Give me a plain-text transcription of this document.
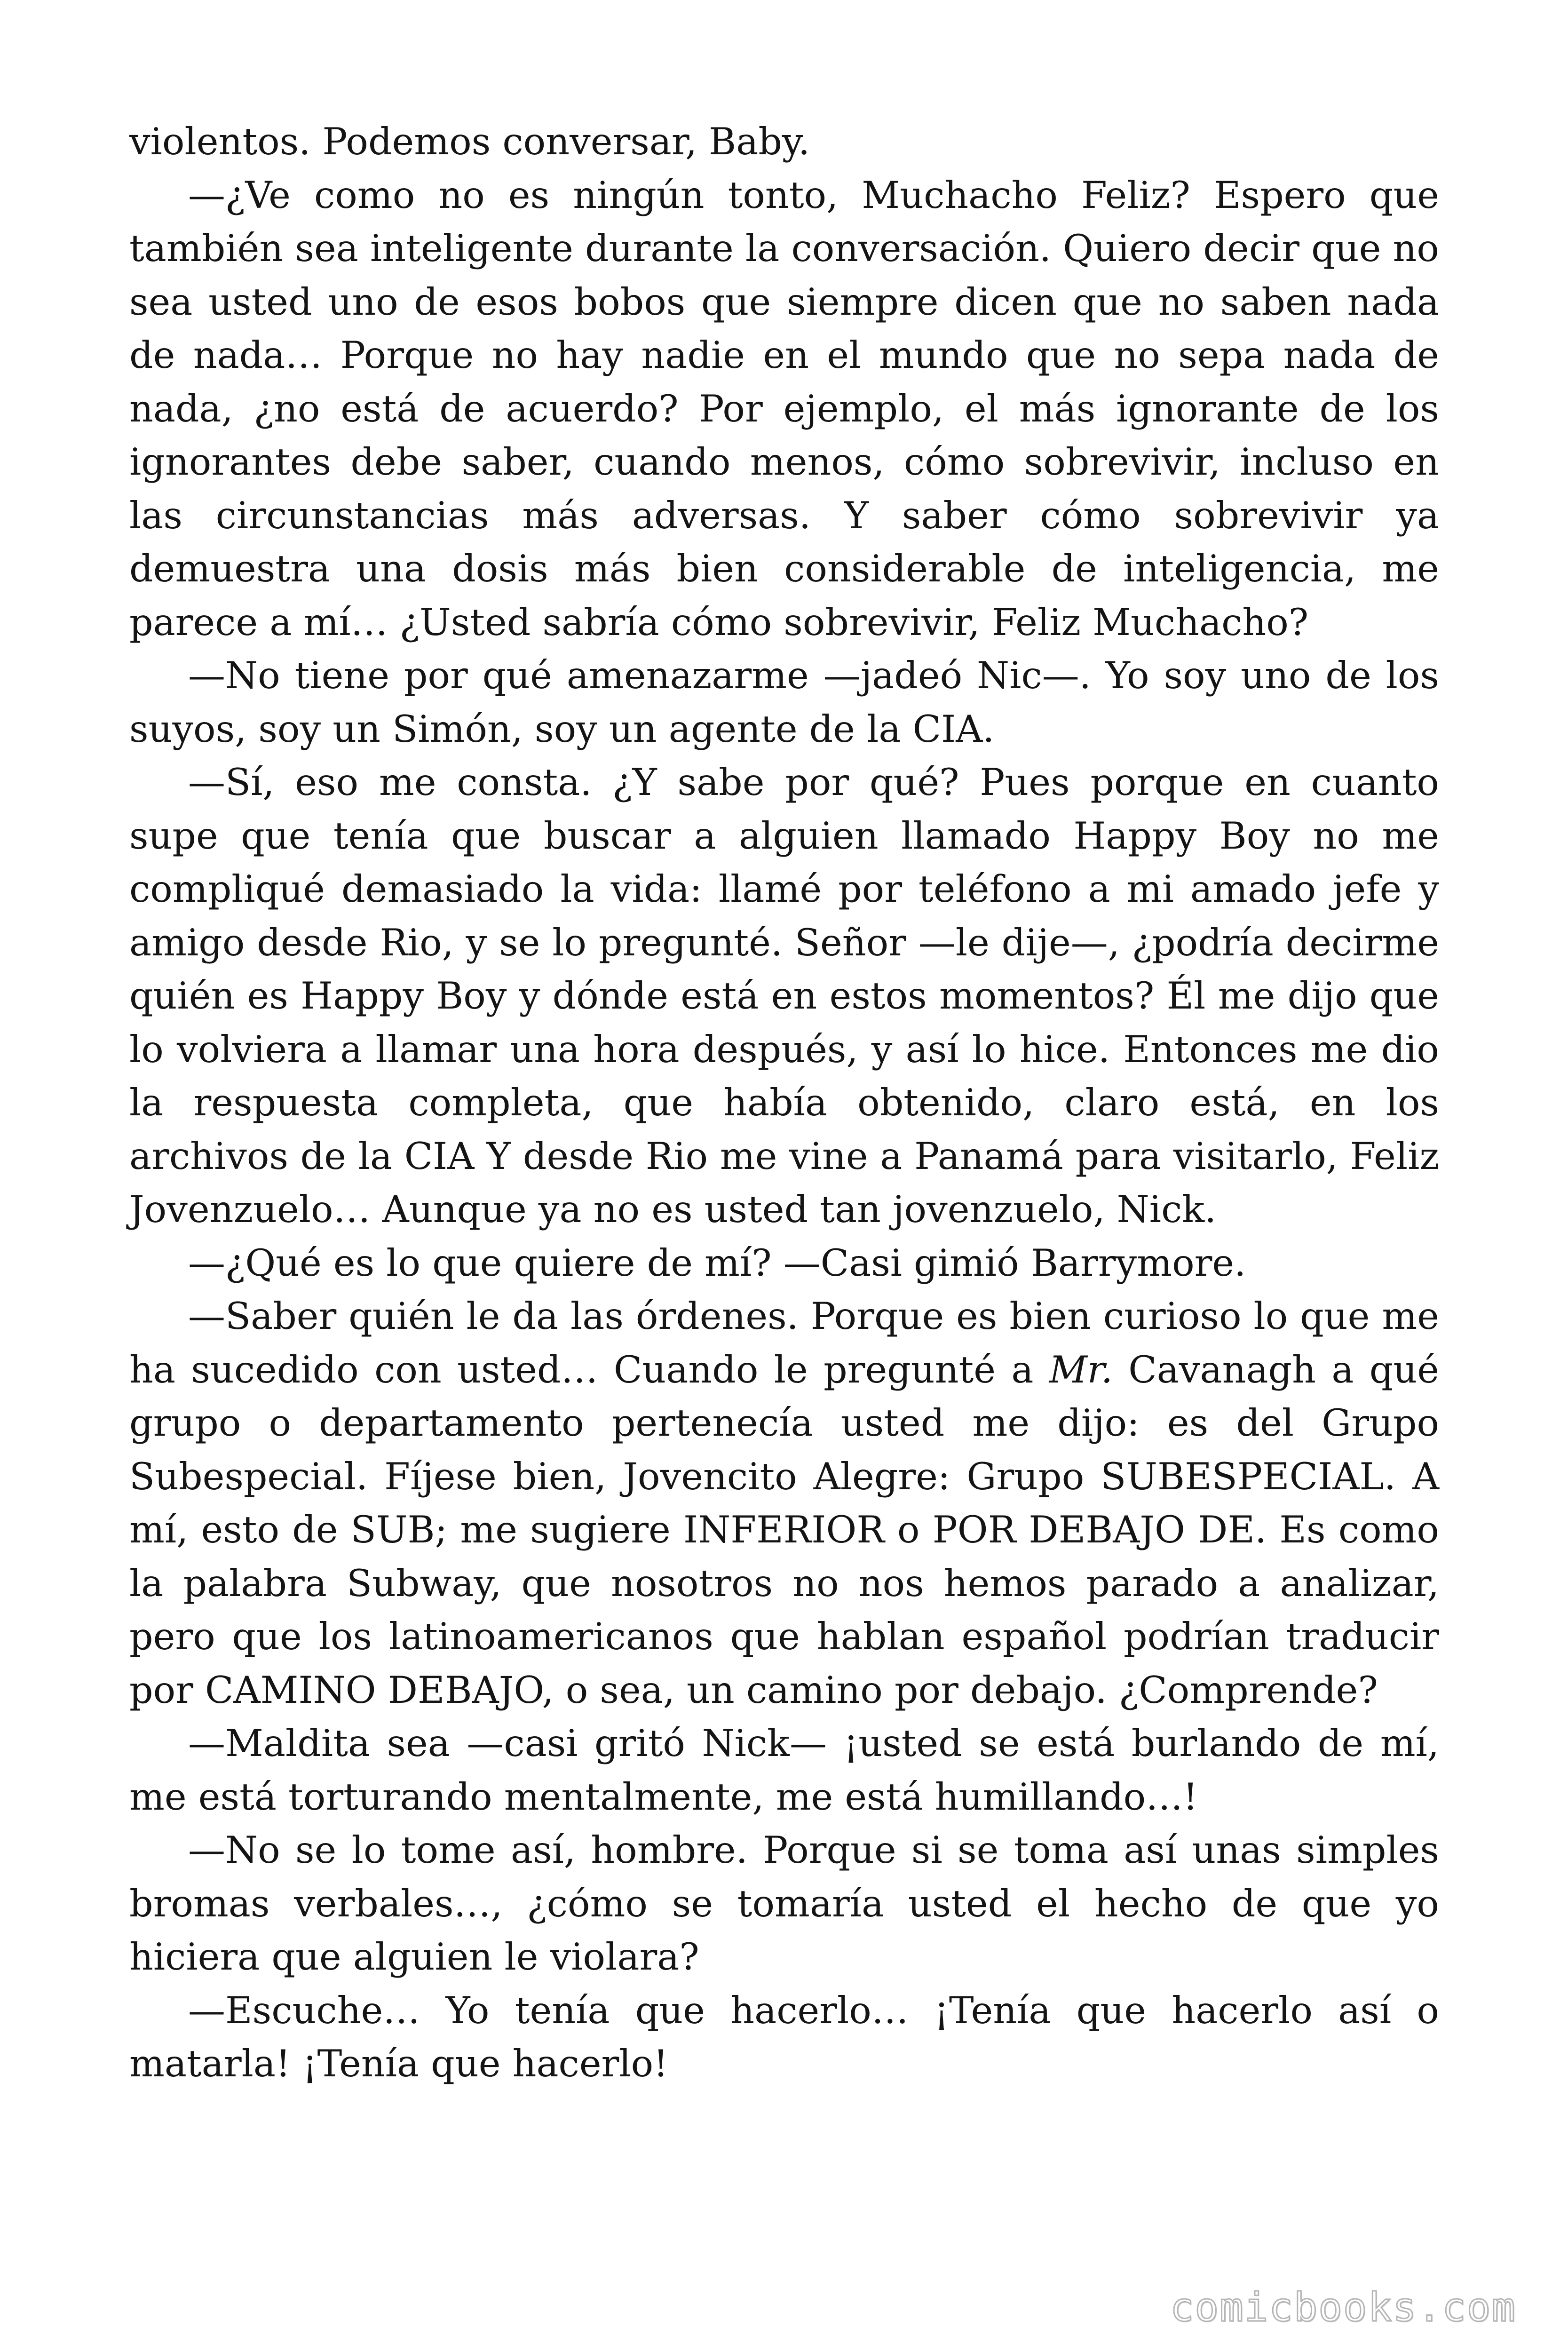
violentos. Podemos conversar, Baby.

—¿Ve como no es ningún tonto, Muchacho Feliz? Espero que también sea inteligente durante la conversación. Quiero decir que no sea usted uno de esos bobos que siempre dicen que no saben nada de nada… Porque no hay nadie en el mundo que no sepa nada de nada, ¿no está de acuerdo? Por ejemplo, el más ignorante de los ignorantes debe saber, cuando menos, cómo sobrevivir, incluso en las circunstancias más adversas. Y saber cómo sobrevivir ya demuestra una dosis más bien considerable de inteligencia, me parece a mí… ¿Usted sabría cómo sobrevivir, Feliz Muchacho?

—No tiene por qué amenazarme —jadeó Nic—. Yo soy uno de los suyos, soy un Simón, soy un agente de la CIA.

—Sí, eso me consta. ¿Y sabe por qué? Pues porque en cuanto supe que tenía que buscar a alguien llamado Happy Boy no me compliqué demasiado la vida: llamé por teléfono a mi amado jefe y amigo desde Rio, y se lo pregunté. Señor —le dije—, ¿podría decirme quién es Happy Boy y dónde está en estos momentos? Él me dijo que lo volviera a llamar una hora después, y así lo hice. Entonces me dio la respuesta completa, que había obtenido, claro está, en los archivos de la CIA Y desde Rio me vine a Panamá para visitarlo, Feliz Jovenzuelo… Aunque ya no es usted tan jovenzuelo, Nick.

—¿Qué es lo que quiere de mí? —Casi gimió Barrymore.

—Saber quién le da las órdenes. Porque es bien curioso lo que me ha sucedido con usted… Cuando le pregunté a Mr. Cavanagh a qué grupo o departamento pertenecía usted me dijo: es del Grupo Subespecial. Fíjese bien, Jovencito Alegre: Grupo SUBESPECIAL. A mí, esto de SUB; me sugiere INFERIOR o POR DEBAJO DE. Es como la palabra Subway, que nosotros no nos hemos parado a analizar, pero que los latinoamericanos que hablan español podrían traducir por CAMINO DEBAJO, o sea, un camino por debajo. ¿Comprende?

—Maldita sea —casi gritó Nick— ¡usted se está burlando de mí, me está torturando mentalmente, me está humillando…!

—No se lo tome así, hombre. Porque si se toma así unas simples bromas verbales…, ¿cómo se tomaría usted el hecho de que yo hiciera que alguien le violara?

—Escuche… Yo tenía que hacerlo… ¡Tenía que hacerlo así o matarla! ¡Tenía que hacerlo!

comicbooks.com
